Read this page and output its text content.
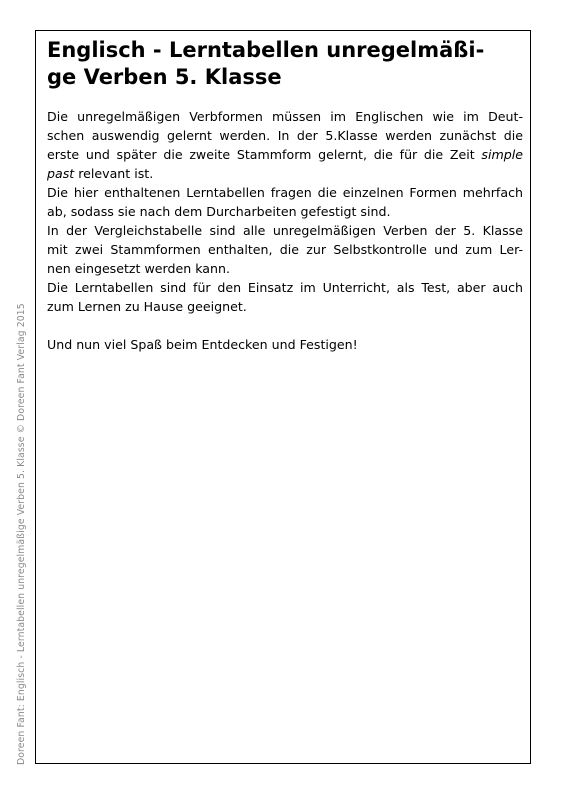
Doreen Fant: Englisch - Lerntabellen unregelmäßige Verben 5. Klasse © Doreen Fant Verlag 2015
Englisch - Lerntabellen unregelmäßi-
ge Verben 5. Klasse
Die unregelmäßigen Verbformen müssen im Englischen wie im Deut-
schen auswendig gelernt werden. In der 5.Klasse werden zunächst die
erste und später die zweite Stammform gelernt, die für die Zeit simple
past relevant ist.
Die hier enthaltenen Lerntabellen fragen die einzelnen Formen mehrfach
ab, sodass sie nach dem Durcharbeiten gefestigt sind.
In der Vergleichstabelle sind alle unregelmäßigen Verben der 5. Klasse
mit zwei Stammformen enthalten, die zur Selbstkontrolle und zum Ler-
nen eingesetzt werden kann.
Die Lerntabellen sind für den Einsatz im Unterricht, als Test, aber auch
zum Lernen zu Hause geeignet.
Und nun viel Spaß beim Entdecken und Festigen!
